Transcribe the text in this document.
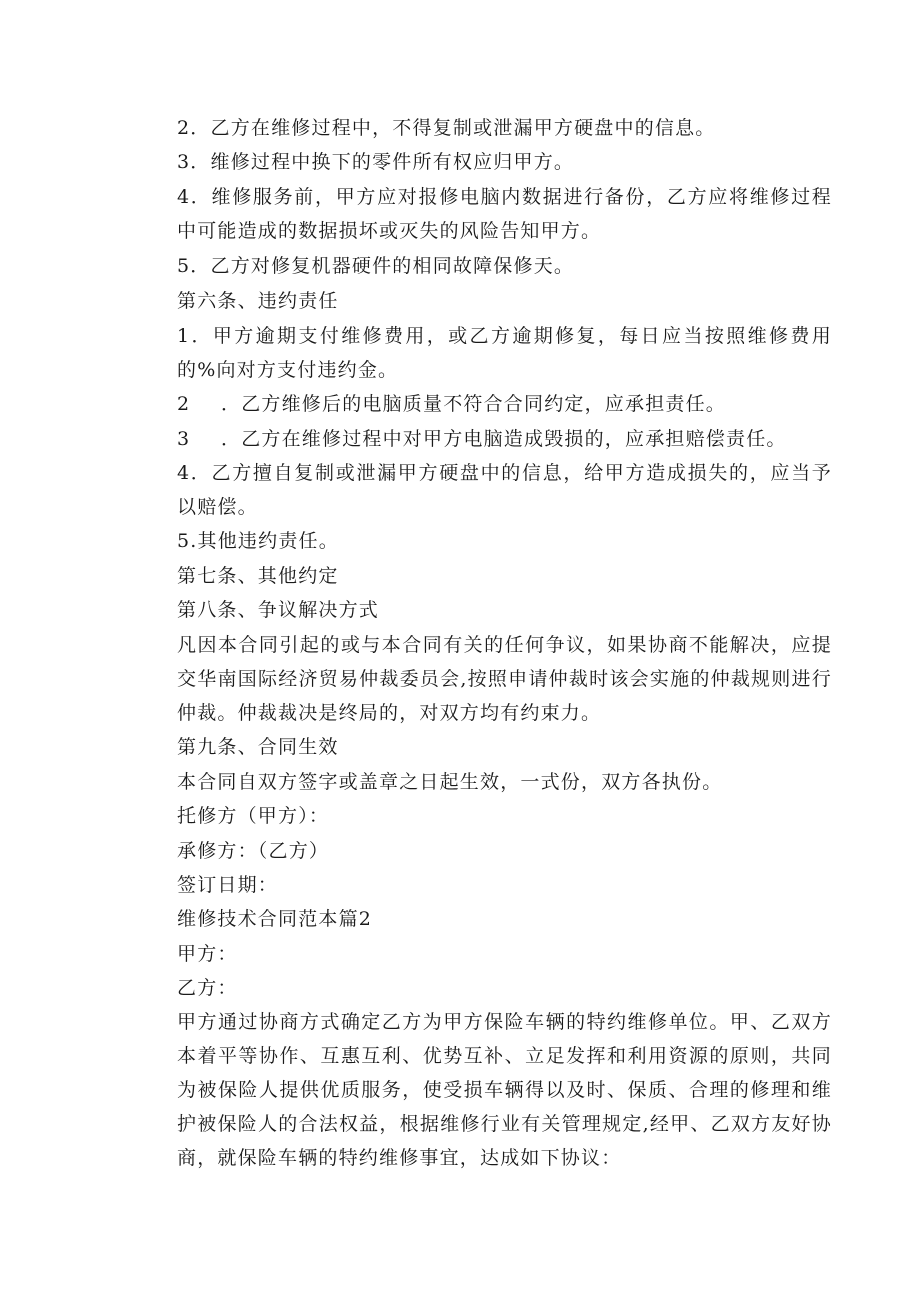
2．乙方在维修过程中，不得复制或泄漏甲方硬盘中的信息。

3．维修过程中换下的零件所有权应归甲方。

4．维修服务前，甲方应对报修电脑内数据进行备份，乙方应将维修过程中可能造成的数据损坏或灭失的风险告知甲方。

5．乙方对修复机器硬件的相同故障保修天。

第六条、违约责任

1．甲方逾期支付维修费用，或乙方逾期修复，每日应当按照维修费用的%向对方支付违约金。

2 ．乙方维修后的电脑质量不符合合同约定，应承担责任。

3 ．乙方在维修过程中对甲方电脑造成毁损的，应承担赔偿责任。

4．乙方擅自复制或泄漏甲方硬盘中的信息，给甲方造成损失的，应当予以赔偿。

5.其他违约责任。

第七条、其他约定

第八条、争议解决方式

凡因本合同引起的或与本合同有关的任何争议，如果协商不能解决，应提交华南国际经济贸易仲裁委员会,按照申请仲裁时该会实施的仲裁规则进行仲裁。仲裁裁决是终局的，对双方均有约束力。

第九条、合同生效

本合同自双方签字或盖章之日起生效，一式份，双方各执份。

托修方（甲方）：

承修方：（乙方）

签订日期：

维修技术合同范本篇2

甲方：

乙方：

甲方通过协商方式确定乙方为甲方保险车辆的特约维修单位。甲、乙双方本着平等协作、互惠互利、优势互补、立足发挥和利用资源的原则，共同为被保险人提供优质服务，使受损车辆得以及时、保质、合理的修理和维护被保险人的合法权益，根据维修行业有关管理规定,经甲、乙双方友好协商，就保险车辆的特约维修事宜，达成如下协议：
